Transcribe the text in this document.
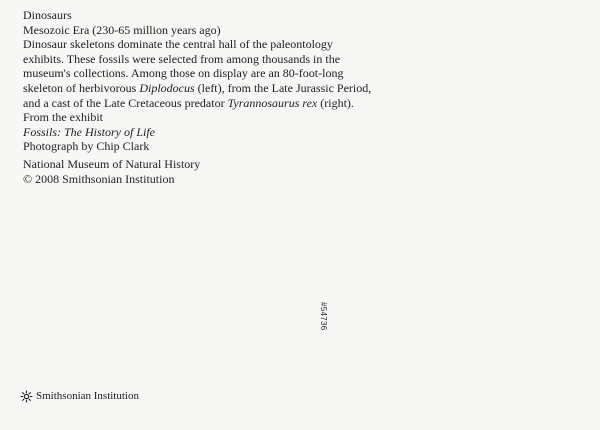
Dinosaurs
Mesozoic Era (230-65 million years ago)
Dinosaur skeletons dominate the central hall of the paleontology
exhibits. These fossils were selected from among thousands in the
museum's collections. Among those on display are an 80-foot-long
skeleton of herbivorous Diplodocus (left), from the Late Jurassic Period,
and a cast of the Late Cretaceous predator Tyrannosaurus rex (right).
From the exhibit
Fossils: The History of Life
Photograph by Chip Clark
National Museum of Natural History
© 2008 Smithsonian Institution
#54736
Smithsonian Institution
